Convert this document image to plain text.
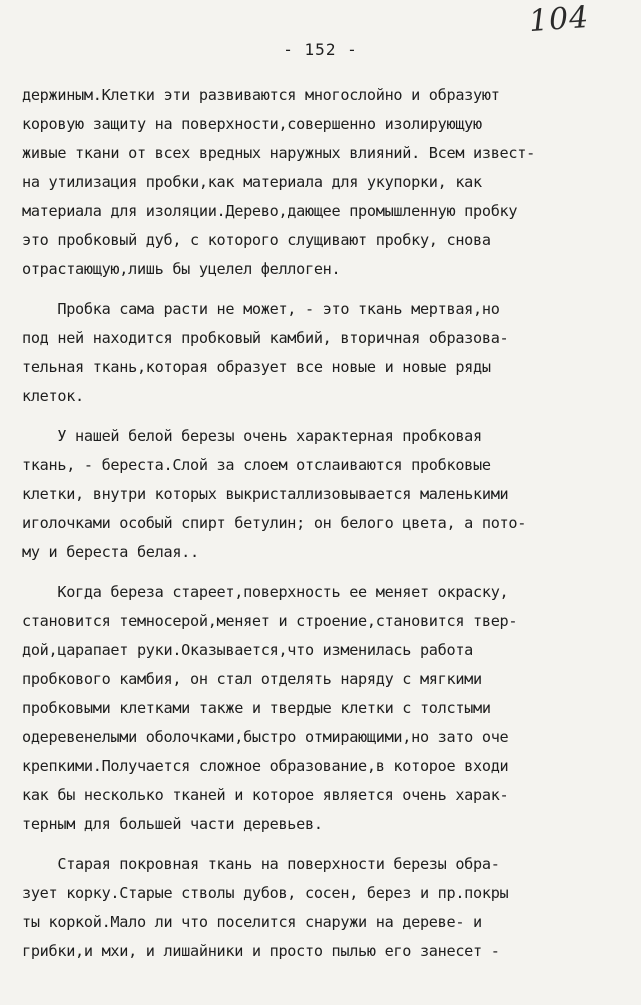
104
- 152 -
держиным.Клетки эти развиваются многослойно и образуют
коровую защиту на поверхности,совершенно изолирующую
живые ткани от всех вредных наружных влияний. Всем извест-
на утилизация пробки,как материала для укупорки, как
материала для изоляции.Дерево,дающее промышленную пробку
это пробковый дуб, с которого слущивают пробку, снова
отрастающую,лишь бы уцелел феллоген.
Пробка сама расти не может, - это ткань мертвая,но
под ней находится пробковый камбий, вторичная образова-
тельная ткань,которая образует все новые и новые ряды
клеток.
У нашей белой березы очень характерная пробковая
ткань, - береста.Слой за слоем отслаиваются пробковые
клетки, внутри которых выкристаллизовывается маленькими
иголочками особый спирт бетулин; он белого цвета, а пото-
му и береста белая..
Когда береза стареет,поверхность ее меняет окраску,
становится темносерой,меняет и строение,становится твер-
дой,царапает руки.Оказывается,что изменилась работа
пробкового камбия, он стал отделять наряду с мягкими
пробковыми клетками также и твердые клетки с толстыми
одеревенелыми оболочками,быстро отмирающими,но зато оче
крепкими.Получается сложное образование,в которое входи
как бы несколько тканей и которое является очень харак-
терным для большей части деревьев.
Старая покровная ткань на поверхности березы обра-
зует корку.Старые стволы дубов, сосен, берез и пр.покры
ты коркой.Мало ли что поселится снаружи на дереве- и
грибки,и мхи, и лишайники и просто пылью его занесет -
